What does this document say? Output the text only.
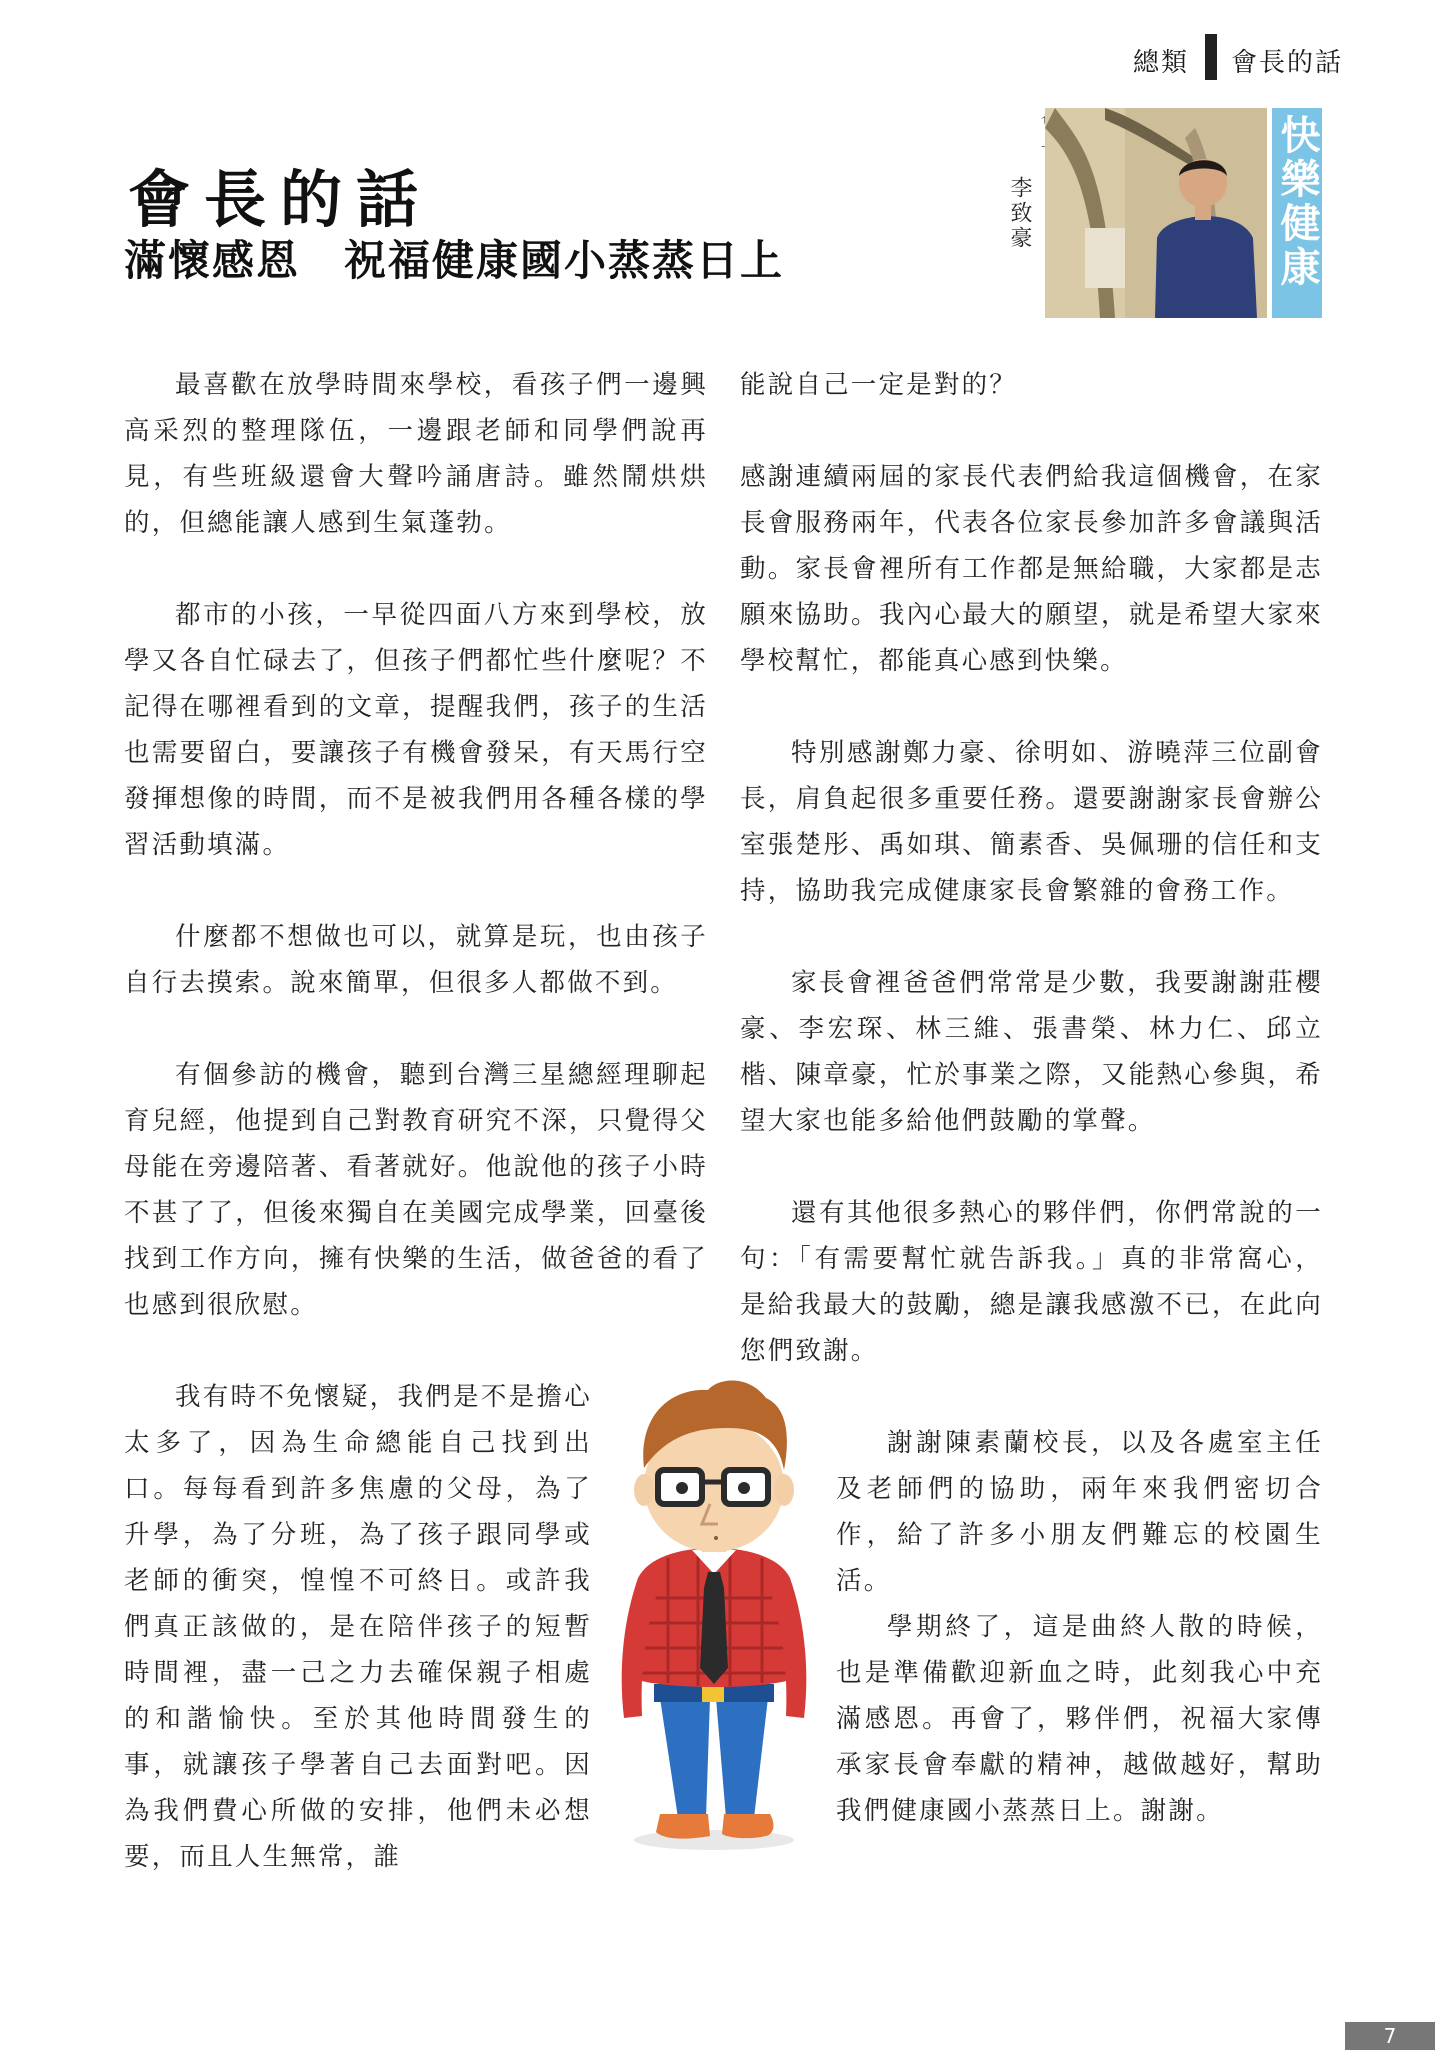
總類 會長的話
會長的話
滿懷感恩　祝福健康國小蒸蒸日上
李致豪	快樂健康

最喜歡在放學時間來學校，看孩子們一邊興高采烈的整理隊伍，一邊跟老師和同學們說再見，有些班級還會大聲吟誦唐詩。雖然鬧烘烘的，但總能讓人感到生氣蓬勃。

都市的小孩，一早從四面八方來到學校，放學又各自忙碌去了，但孩子們都忙些什麼呢？不記得在哪裡看到的文章，提醒我們，孩子的生活也需要留白，要讓孩子有機會發呆，有天馬行空發揮想像的時間，而不是被我們用各種各樣的學習活動填滿。

什麼都不想做也可以，就算是玩，也由孩子自行去摸索。說來簡單，但很多人都做不到。

有個參訪的機會，聽到台灣三星總經理聊起育兒經，他提到自己對教育研究不深，只覺得父母能在旁邊陪著、看著就好。他說他的孩子小時不甚了了，但後來獨自在美國完成學業，回臺後找到工作方向，擁有快樂的生活，做爸爸的看了也感到很欣慰。

我有時不免懷疑，我們是不是擔心太多了，因為生命總能自己找到出口。每每看到許多焦慮的父母，為了升學，為了分班，為了孩子跟同學或老師的衝突，惶惶不可終日。或許我們真正該做的，是在陪伴孩子的短暫時間裡，盡一己之力去確保親子相處的和諧愉快。至於其他時間發生的事，就讓孩子學著自己去面對吧。因為我們費心所做的安排，他們未必想要，而且人生無常，誰

能說自己一定是對的？

感謝連續兩屆的家長代表們給我這個機會，在家長會服務兩年，代表各位家長參加許多會議與活動。家長會裡所有工作都是無給職，大家都是志願來協助。我內心最大的願望，就是希望大家來學校幫忙，都能真心感到快樂。

特別感謝鄭力豪、徐明如、游曉萍三位副會長，肩負起很多重要任務。還要謝謝家長會辦公室張楚彤、禹如琪、簡素香、吳佩珊的信任和支持，協助我完成健康家長會繁雜的會務工作。

家長會裡爸爸們常常是少數，我要謝謝莊櫻豪、李宏琛、林三維、張書榮、林力仁、邱立楷、陳章豪，忙於事業之際，又能熱心參與，希望大家也能多給他們鼓勵的掌聲。

還有其他很多熱心的夥伴們，你們常說的一句：「有需要幫忙就告訴我。」真的非常窩心，是給我最大的鼓勵，總是讓我感激不已，在此向您們致謝。

謝謝陳素蘭校長，以及各處室主任及老師們的協助，兩年來我們密切合作，給了許多小朋友們難忘的校園生活。

學期終了，這是曲終人散的時候，也是準備歡迎新血之時，此刻我心中充滿感恩。再會了，夥伴們，祝福大家傳承家長會奉獻的精神，越做越好，幫助我們健康國小蒸蒸日上。謝謝。

7
